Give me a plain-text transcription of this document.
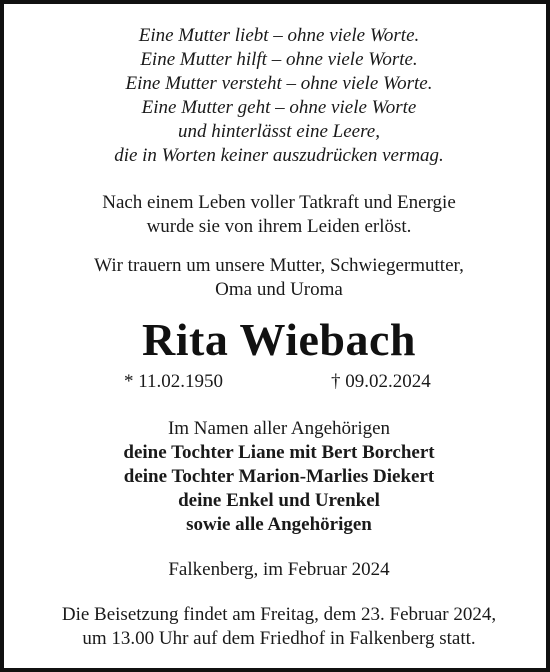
Eine Mutter liebt – ohne viele Worte.
Eine Mutter hilft – ohne viele Worte.
Eine Mutter versteht – ohne viele Worte.
Eine Mutter geht – ohne viele Worte
und hinterlässt eine Leere,
die in Worten keiner auszudrücken vermag.
Nach einem Leben voller Tatkraft und Energie
wurde sie von ihrem Leiden erlöst.
Wir trauern um unsere Mutter, Schwiegermutter,
Oma und Uroma
Rita Wiebach
* 11.02.1950	† 09.02.2024
Im Namen aller Angehörigen
deine Tochter Liane mit Bert Borchert
deine Tochter Marion-Marlies Diekert
deine Enkel und Urenkel
sowie alle Angehörigen
Falkenberg, im Februar 2024
Die Beisetzung findet am Freitag, dem 23. Februar 2024,
um 13.00 Uhr auf dem Friedhof in Falkenberg statt.
